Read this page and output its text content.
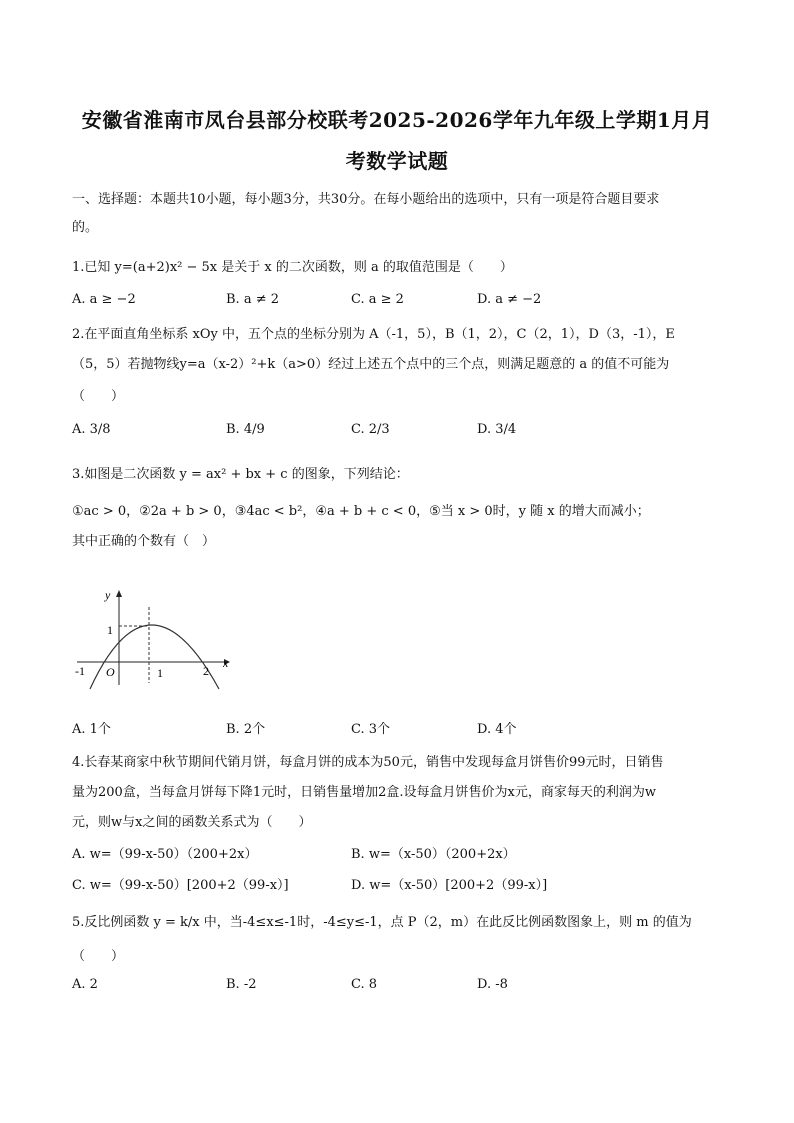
安徽省淮南市凤台县部分校联考2025-2026学年九年级上学期1月月
考数学试题
一、选择题：本题共10小题，每小题3分，共30分。在每小题给出的选项中，只有一项是符合题目要求
的。
1.已知 y=(a+2)x² − 5x 是关于 x 的二次函数，则 a 的取值范围是（　　）
A. a ≥ −2	B. a ≠ 2	C. a ≥ 2	D. a ≠ −2
2.在平面直角坐标系 xOy 中，五个点的坐标分别为 A（-1，5），B（1，2），C（2，1），D（3，-1），E
（5，5）若抛物线y=a（x-2）²+k（a>0）经过上述五个点中的三个点，则满足题意的 a 的值不可能为
（　　）
A. 3/8	B. 4/9	C. 2/3	D. 3/4
3.如图是二次函数 y = ax² + bx + c 的图象，下列结论：
①ac > 0，②2a + b > 0，③4ac < b²，④a + b + c < 0，⑤当 x > 0时，y 随 x 的增大而减小；
其中正确的个数有（　）
y
x
O
1
-1	1	2
A. 1个	B. 2个	C. 3个	D. 4个
4.长春某商家中秋节期间代销月饼，每盒月饼的成本为50元，销售中发现每盒月饼售价99元时，日销售
量为200盒，当每盒月饼每下降1元时，日销售量增加2盒.设每盒月饼售价为x元，商家每天的利润为w
元，则w与x之间的函数关系式为（　　）
A. w=（99-x-50）（200+2x）	B. w=（x-50）（200+2x）
C. w=（99-x-50）[200+2（99-x）]	D. w=（x-50）[200+2（99-x）]
5.反比例函数 y = k/x 中，当-4≤x≤-1时，-4≤y≤-1，点 P（2，m）在此反比例函数图象上，则 m 的值为
（　　）
A. 2	B. -2	C. 8	D. -8
